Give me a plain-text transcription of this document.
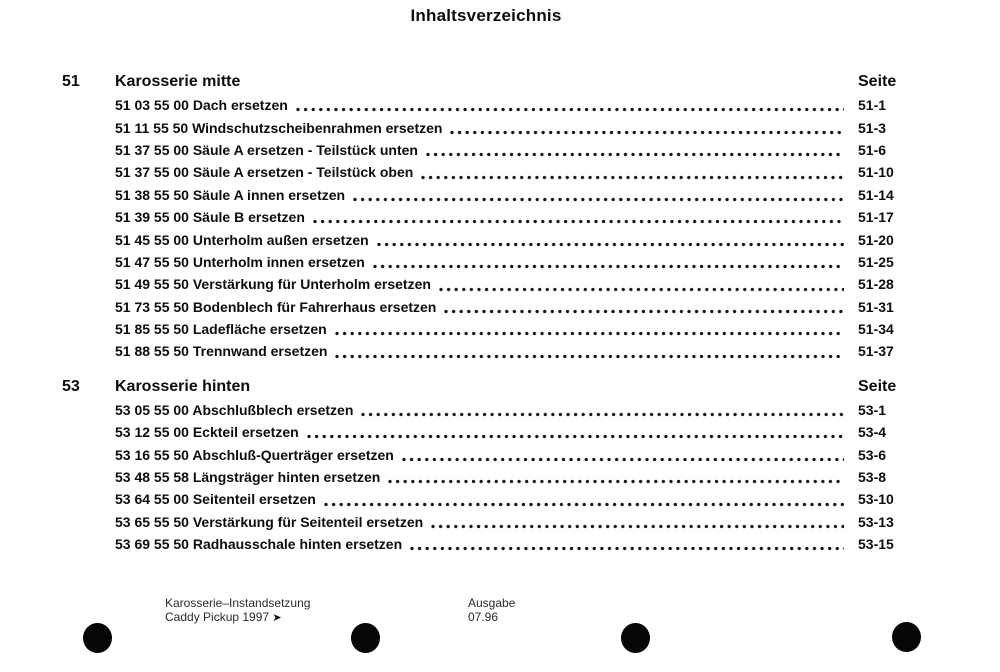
Inhaltsverzeichnis
51	Karosserie mitte	Seite
51 03 55 00 Dach ersetzen	51-1
51 11 55 50 Windschutzscheibenrahmen ersetzen	51-3
51 37 55 00 Säule A ersetzen - Teilstück unten	51-6
51 37 55 00 Säule A ersetzen - Teilstück oben	51-10
51 38 55 50 Säule A innen ersetzen	51-14
51 39 55 00 Säule B ersetzen	51-17
51 45 55 00 Unterholm außen ersetzen	51-20
51 47 55 50 Unterholm innen ersetzen	51-25
51 49 55 50 Verstärkung für Unterholm ersetzen	51-28
51 73 55 50 Bodenblech für Fahrerhaus ersetzen	51-31
51 85 55 50 Ladefläche ersetzen	51-34
51 88 55 50 Trennwand ersetzen	51-37
53	Karosserie hinten	Seite
53 05 55 00 Abschlußblech ersetzen	53-1
53 12 55 00 Eckteil ersetzen	53-4
53 16 55 50 Abschluß-Querträger ersetzen	53-6
53 48 55 58 Längsträger hinten ersetzen	53-8
53 64 55 00 Seitenteil ersetzen	53-10
53 65 55 50 Verstärkung für Seitenteil ersetzen	53-13
53 69 55 50 Radhausschale hinten ersetzen	53-15
Karosserie–Instandsetzung
Caddy Pickup 1997 ➤
Ausgabe
07.96
